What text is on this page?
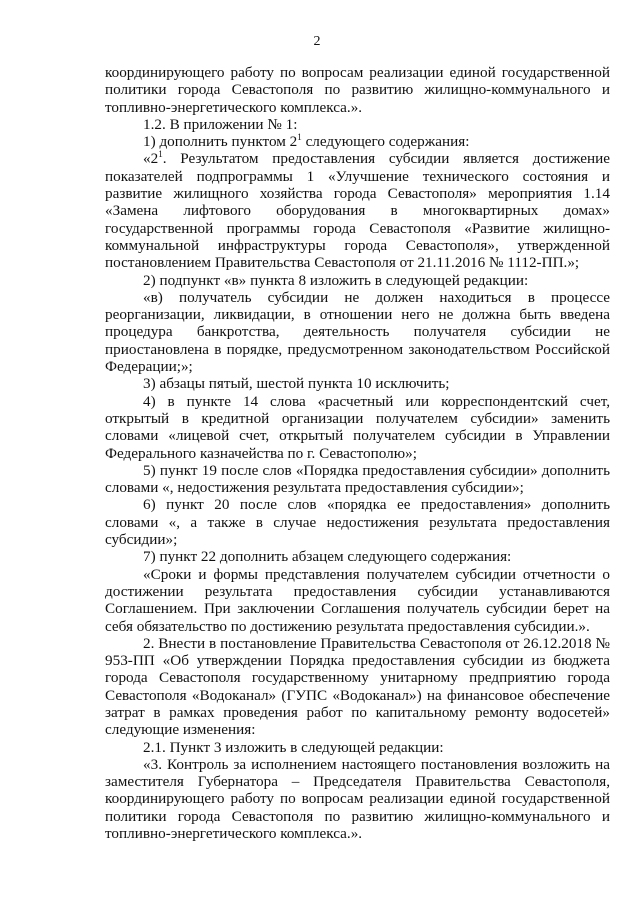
2

координирующего работу по вопросам реализации единой государственной политики города Севастополя по развитию жилищно-коммунального и топливно-энергетического комплекса.».

1.2. В приложении № 1:

1) дополнить пунктом $2^1$ следующего содержания:

«$2^1$. Результатом предоставления субсидии является достижение показателей подпрограммы 1 «Улучшение технического состояния и развитие жилищного хозяйства города Севастополя» мероприятия 1.14 «Замена лифтового оборудования в многоквартирных домах» государственной программы города Севастополя «Развитие жилищно-коммунальной инфраструктуры города Севастополя», утвержденной постановлением Правительства Севастополя от 21.11.2016 № 1112-ПП.»;

2) подпункт «в» пункта 8 изложить в следующей редакции:

«в) получатель субсидии не должен находиться в процессе реорганизации, ликвидации, в отношении него не должна быть введена процедура банкротства, деятельность получателя субсидии не приостановлена в порядке, предусмотренном законодательством Российской Федерации;»;

3) абзацы пятый, шестой пункта 10 исключить;

4) в пункте 14 слова «расчетный или корреспондентский счет, открытый в кредитной организации получателем субсидии» заменить словами «лицевой счет, открытый получателем субсидии в Управлении Федерального казначейства по г. Севастополю»;

5) пункт 19 после слов «Порядка предоставления субсидии» дополнить словами «, недостижения результата предоставления субсидии»;

6) пункт 20 после слов «порядка ее предоставления» дополнить словами «, а также в случае недостижения результата предоставления субсидии»;

7) пункт 22 дополнить абзацем следующего содержания:

«Сроки и формы представления получателем субсидии отчетности о достижении результата предоставления субсидии устанавливаются Соглашением. При заключении Соглашения получатель субсидии берет на себя обязательство по достижению результата предоставления субсидии.».

2. Внести в постановление Правительства Севастополя от 26.12.2018 № 953-ПП «Об утверждении Порядка предоставления субсидии из бюджета города Севастополя государственному унитарному предприятию города Севастополя «Водоканал» (ГУПС «Водоканал») на финансовое обеспечение затрат в рамках проведения работ по капитальному ремонту водосетей» следующие изменения:

2.1. Пункт 3 изложить в следующей редакции:

«3. Контроль за исполнением настоящего постановления возложить на заместителя Губернатора – Председателя Правительства Севастополя, координирующего работу по вопросам реализации единой государственной политики города Севастополя по развитию жилищно-коммунального и топливно-энергетического комплекса.».
